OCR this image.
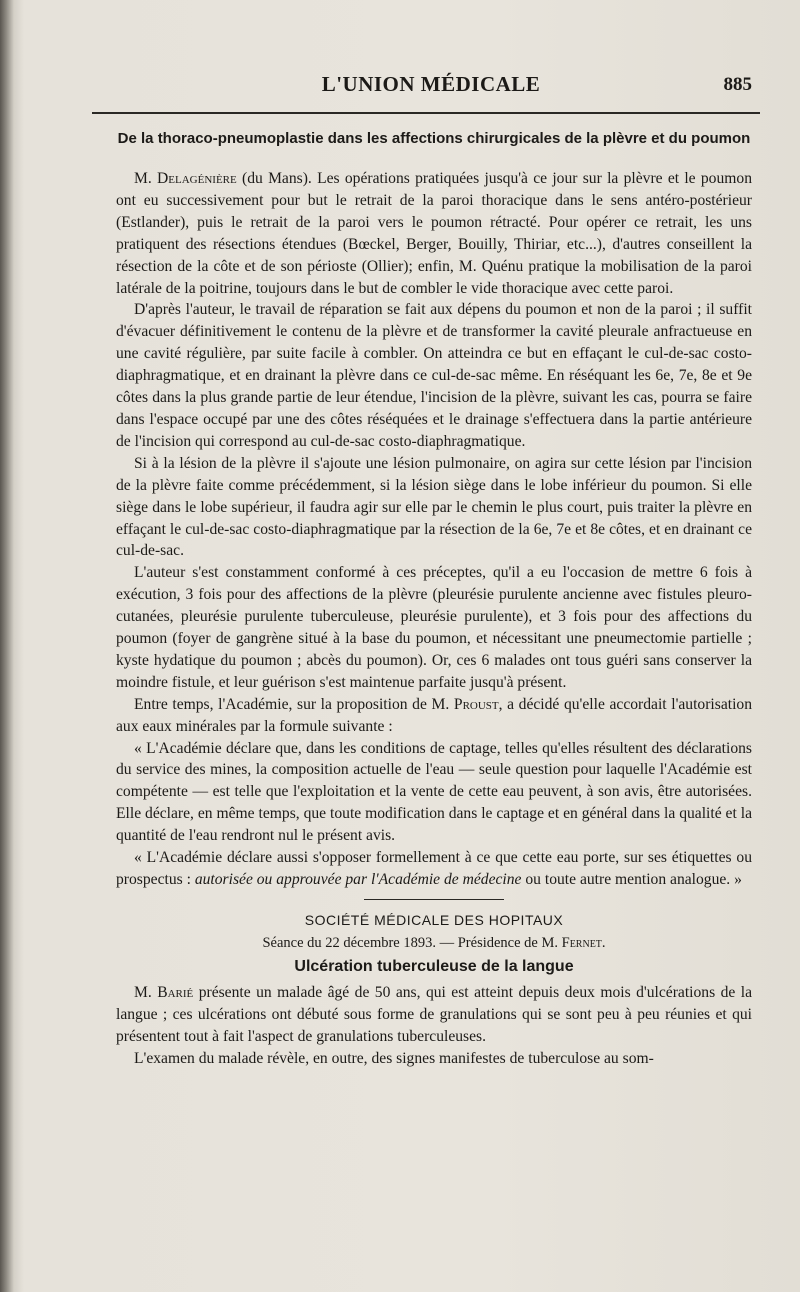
L'UNION MÉDICALE	885
De la thoraco-pneumoplastie dans les affections chirurgicales de la plèvre et du poumon

M. Delagénière (du Mans). Les opérations pratiquées jusqu'à ce jour sur la plèvre et le poumon ont eu successivement pour but le retrait de la paroi thoracique dans le sens antéro-postérieur (Estlander), puis le retrait de la paroi vers le poumon rétracté. Pour opérer ce retrait, les uns pratiquent des résections étendues (Bœckel, Berger, Bouilly, Thiriar, etc...), d'autres conseillent la résection de la côte et de son périoste (Ollier); enfin, M. Quénu pratique la mobilisation de la paroi latérale de la poitrine, toujours dans le but de combler le vide thoracique avec cette paroi.

D'après l'auteur, le travail de réparation se fait aux dépens du poumon et non de la paroi ; il suffit d'évacuer définitivement le contenu de la plèvre et de transformer la cavité pleurale anfractueuse en une cavité régulière, par suite facile à combler. On atteindra ce but en effaçant le cul-de-sac costo-diaphragmatique, et en drainant la plèvre dans ce cul-de-sac même. En réséquant les 6e, 7e, 8e et 9e côtes dans la plus grande partie de leur étendue, l'incision de la plèvre, suivant les cas, pourra se faire dans l'espace occupé par une des côtes réséquées et le drainage s'effectuera dans la partie antérieure de l'incision qui correspond au cul-de-sac costo-diaphragmatique.

Si à la lésion de la plèvre il s'ajoute une lésion pulmonaire, on agira sur cette lésion par l'incision de la plèvre faite comme précédemment, si la lésion siège dans le lobe inférieur du poumon. Si elle siège dans le lobe supérieur, il faudra agir sur elle par le chemin le plus court, puis traiter la plèvre en effaçant le cul-de-sac costo-diaphragmatique par la résection de la 6e, 7e et 8e côtes, et en drainant ce cul-de-sac.

L'auteur s'est constamment conformé à ces préceptes, qu'il a eu l'occasion de mettre 6 fois à exécution, 3 fois pour des affections de la plèvre (pleurésie purulente ancienne avec fistules pleuro-cutanées, pleurésie purulente tuberculeuse, pleurésie purulente), et 3 fois pour des affections du poumon (foyer de gangrène situé à la base du poumon, et nécessitant une pneumectomie partielle ; kyste hydatique du poumon ; abcès du poumon). Or, ces 6 malades ont tous guéri sans conserver la moindre fistule, et leur guérison s'est maintenue parfaite jusqu'à présent.

Entre temps, l'Académie, sur la proposition de M. Proust, a décidé qu'elle accordait l'autorisation aux eaux minérales par la formule suivante :

« L'Académie déclare que, dans les conditions de captage, telles qu'elles résultent des déclarations du service des mines, la composition actuelle de l'eau — seule question pour laquelle l'Académie est compétente — est telle que l'exploitation et la vente de cette eau peuvent, à son avis, être autorisées. Elle déclare, en même temps, que toute modification dans le captage et en général dans la qualité et la quantité de l'eau rendront nul le présent avis.

« L'Académie déclare aussi s'opposer formellement à ce que cette eau porte, sur ses étiquettes ou prospectus : autorisée ou approuvée par l'Académie de médecine ou toute autre mention analogue. »

SOCIÉTÉ MÉDICALE DES HOPITAUX
Séance du 22 décembre 1893. — Présidence de M. Fernet.
Ulcération tuberculeuse de la langue

M. Barié présente un malade âgé de 50 ans, qui est atteint depuis deux mois d'ulcérations de la langue ; ces ulcérations ont débuté sous forme de granulations qui se sont peu à peu réunies et qui présentent tout à fait l'aspect de granulations tuberculeuses.

L'examen du malade révèle, en outre, des signes manifestes de tuberculose au som-
